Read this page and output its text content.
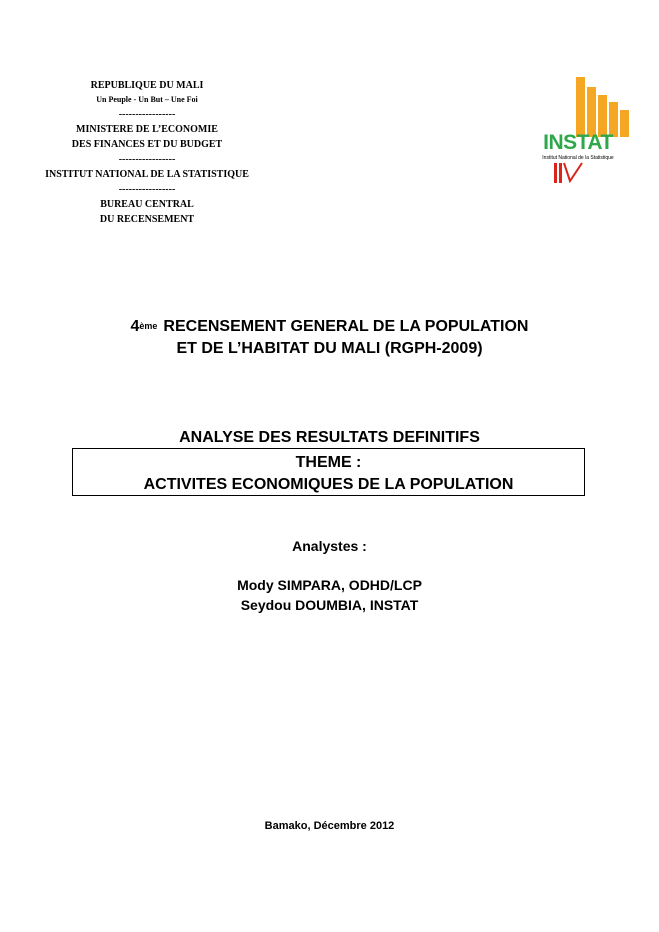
REPUBLIQUE DU MALI
Un Peuple - Un But – Une Foi
-----------------
MINISTERE DE L’ECONOMIE
DES FINANCES ET DU BUDGET
-----------------
INSTITUT NATIONAL DE LA STATISTIQUE
-----------------
BUREAU CENTRAL
DU RECENSEMENT
INSTAT
Institut National de la Statistique
4ème RECENSEMENT GENERAL DE LA POPULATION
ET DE L’HABITAT DU MALI (RGPH-2009)
ANALYSE DES RESULTATS DEFINITIFS
THEME :
ACTIVITES ECONOMIQUES DE LA POPULATION
Analystes :
Mody SIMPARA, ODHD/LCP
Seydou DOUMBIA, INSTAT
Bamako, Décembre 2012
